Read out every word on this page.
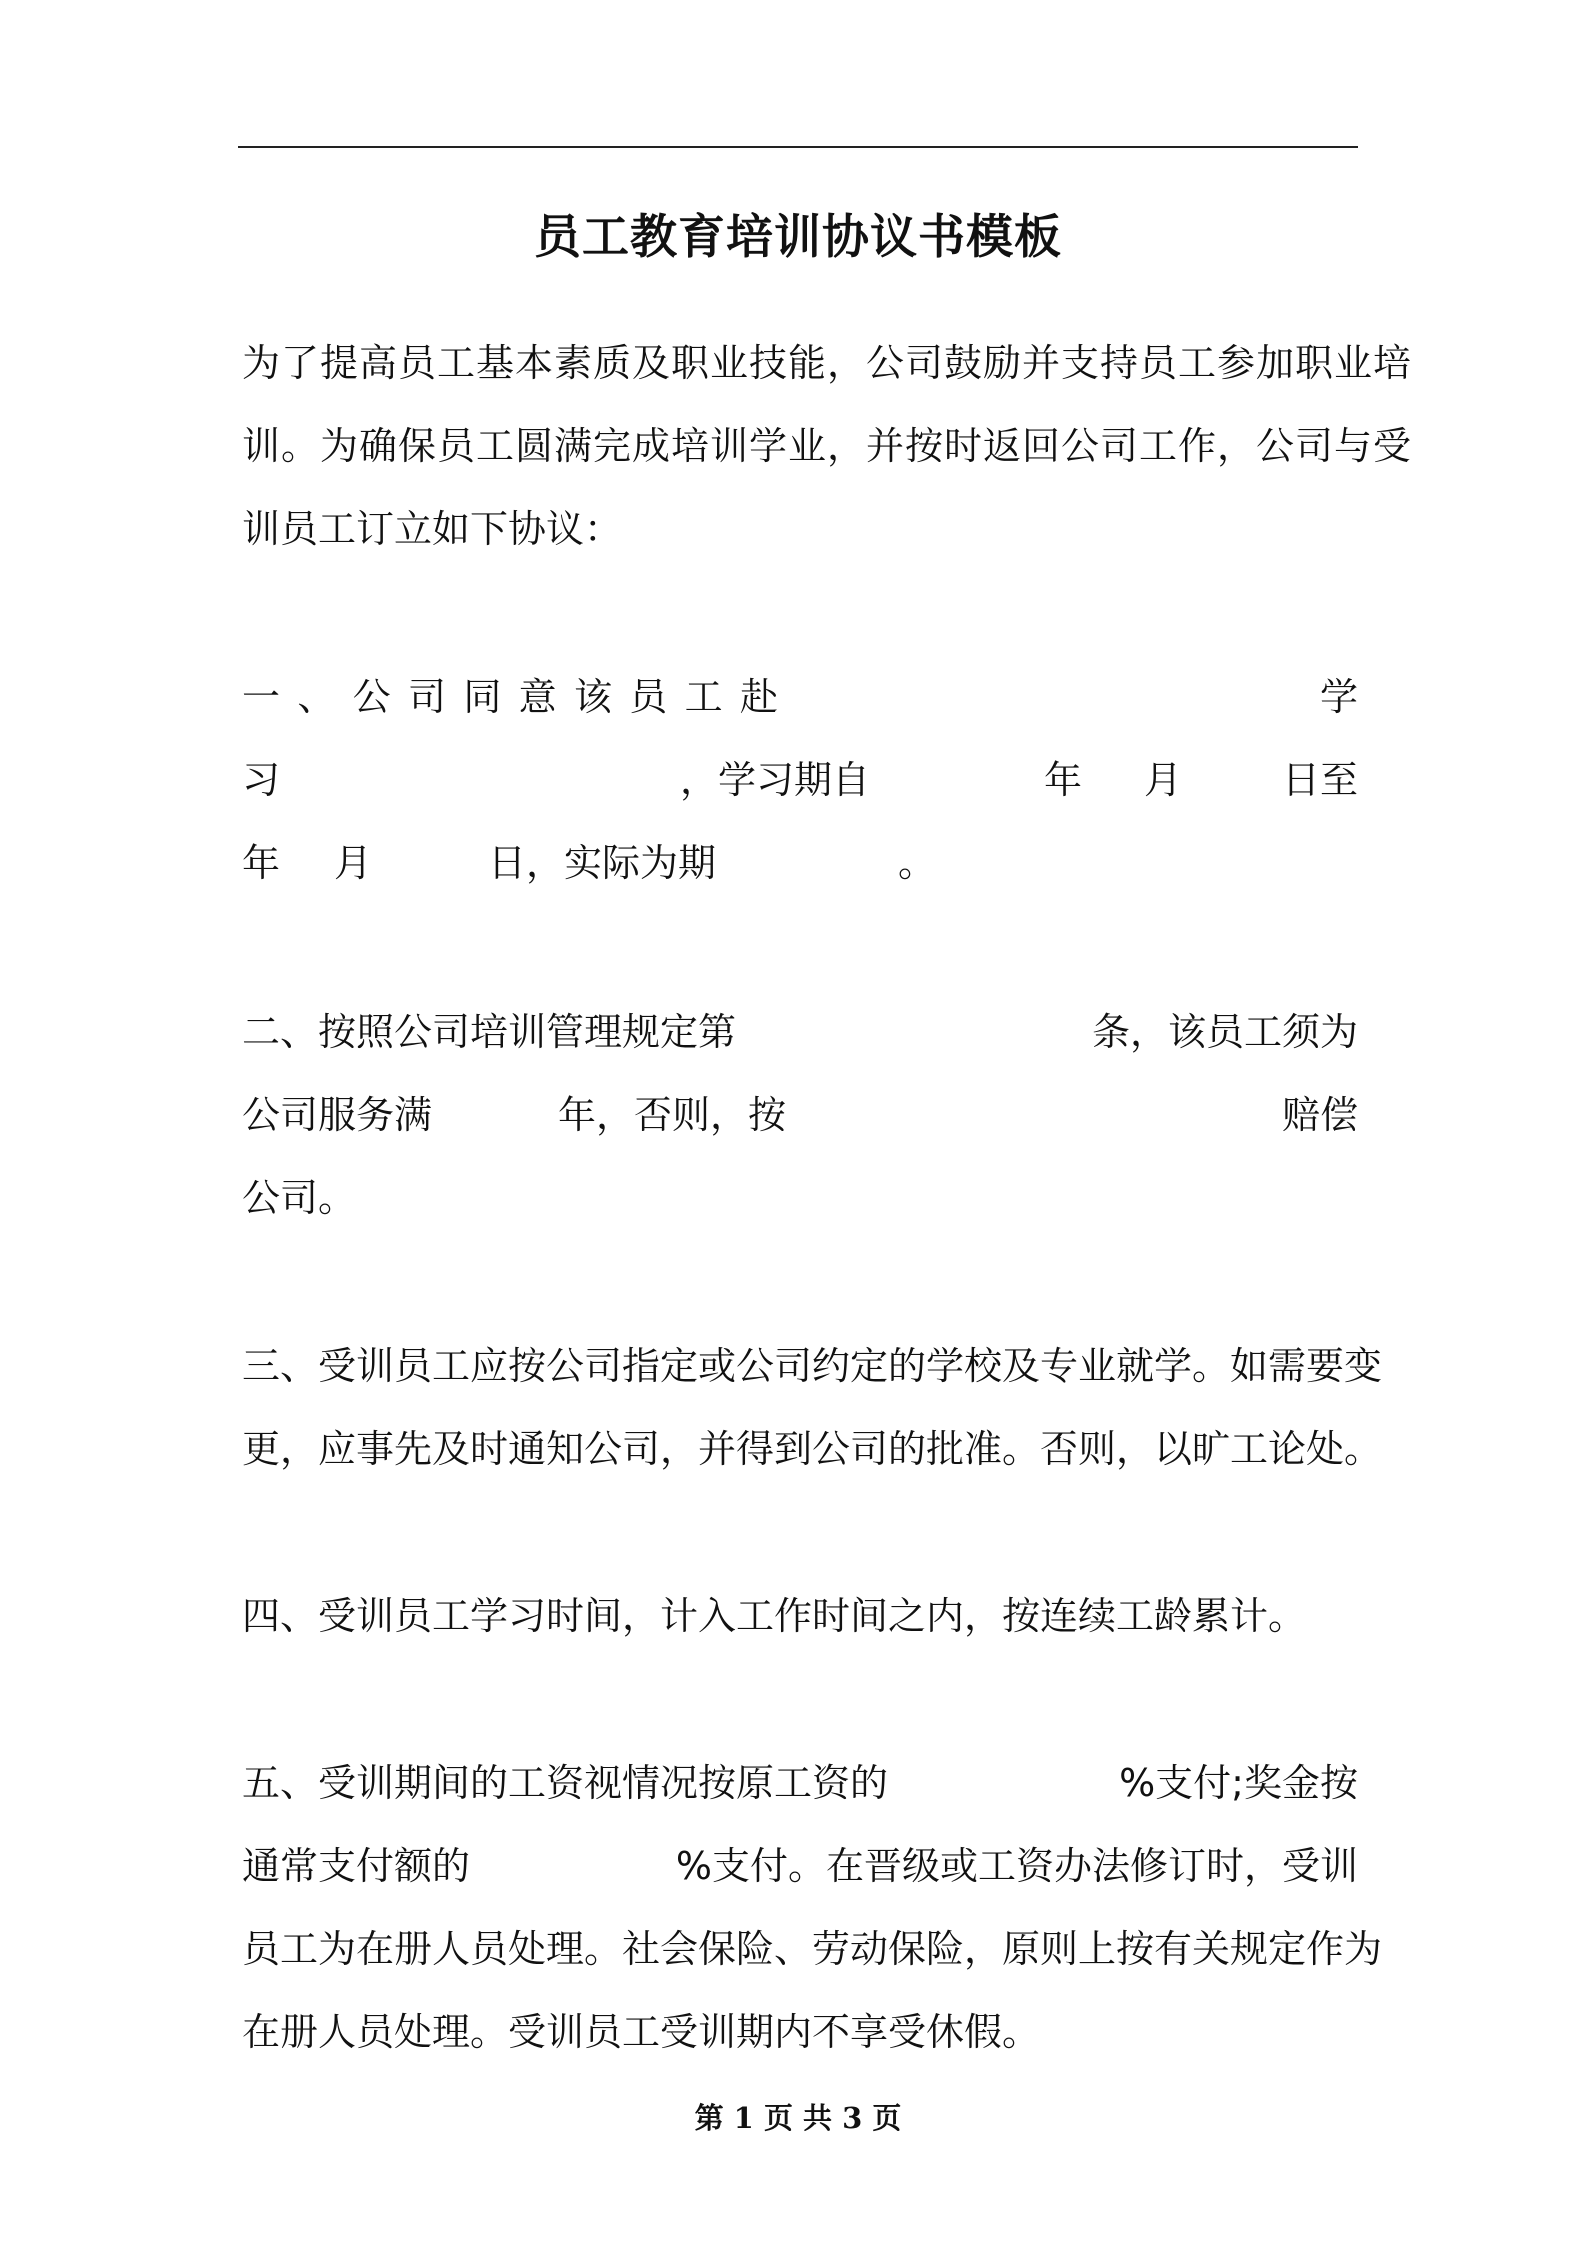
员工教育培训协议书模板
为了提高员工基本素质及职业技能，公司鼓励并支持员工参加职业培
训。为确保员工圆满完成培训学业，并按时返回公司工作，公司与受
训员工订立如下协议：
一 、 公 司 同 意 该 员 工 赴	学
习	，学习期自	年 月	日至
年 月	日，实际为期	。
二、按照公司培训管理规定第	条，该员工须为
公司服务满	年，否则，按	赔偿
公司。
三、受训员工应按公司指定或公司约定的学校及专业就学。如需要变
更，应事先及时通知公司，并得到公司的批准。否则，以旷工论处。
四、受训员工学习时间，计入工作时间之内，按连续工龄累计。
五、受训期间的工资视情况按原工资的	%支付;奖金按
通常支付额的	%支付。在晋级或工资办法修订时，受训
员工为在册人员处理。社会保险、劳动保险，原则上按有关规定作为
在册人员处理。受训员工受训期内不享受休假。
第 1 页 共 3 页
